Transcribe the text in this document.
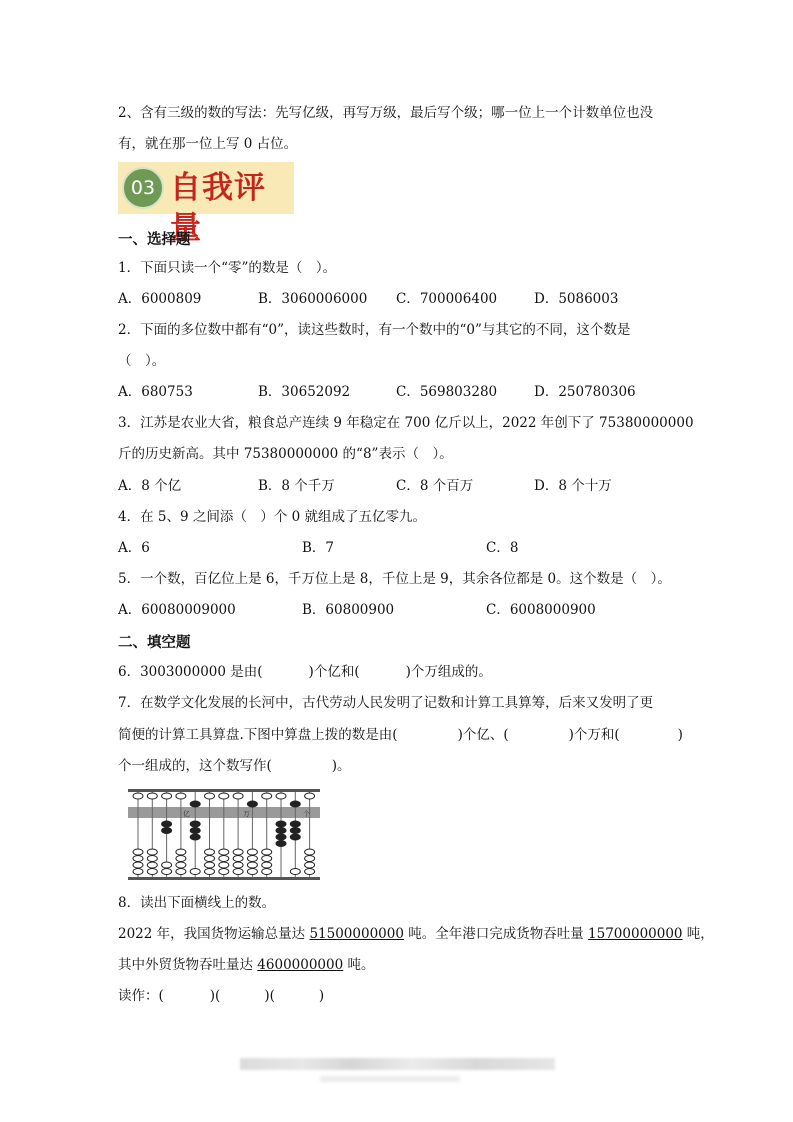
2、含有三级的数的写法：先写亿级，再写万级，最后写个级；哪一位上一个计数单位也没
有，就在那一位上写 0 占位。
03 自我评量
一、选择题
1．下面只读一个“零”的数是（　）。
A．6000809	B．3060006000 C．700006400	D．5086003
2．下面的多位数中都有“0”，读这些数时，有一个数中的“0”与其它的不同，这个数是
（　）。
A．680753	B．30652092	C．569803280	D．250780306
3．江苏是农业大省，粮食总产连续 9 年稳定在 700 亿斤以上，2022 年创下了 75380000000
斤的历史新高。其中 75380000000 的“8”表示（　）。
A．8 个亿	B．8 个千万	C．8 个百万	D．8 个十万
4．在 5、9 之间添（　）个 0 就组成了五亿零九。
A．6	B．7	C．8
5．一个数，百亿位上是 6，千万位上是 8，千位上是 9，其余各位都是 0。这个数是（　）。
A．60080009000	B．60800900	C．6008000900
二、填空题
6．3003000000 是由(	)个亿和(	)个万组成的。
7．在数学文化发展的长河中，古代劳动人民发明了记数和计算工具算筹，后来又发明了更
简便的计算工具算盘.下图中算盘上拨的数是由(	)个亿、(	)个万和(	)
个一组成的，这个数写作(	)。
亿	万	个
8．读出下面横线上的数。
2022 年，我国货物运输总量达 51500000000 吨。全年港口完成货物吞吐量 15700000000 吨，
其中外贸货物吞吐量达 4600000000 吨。
读作：(	)(	)(	)
